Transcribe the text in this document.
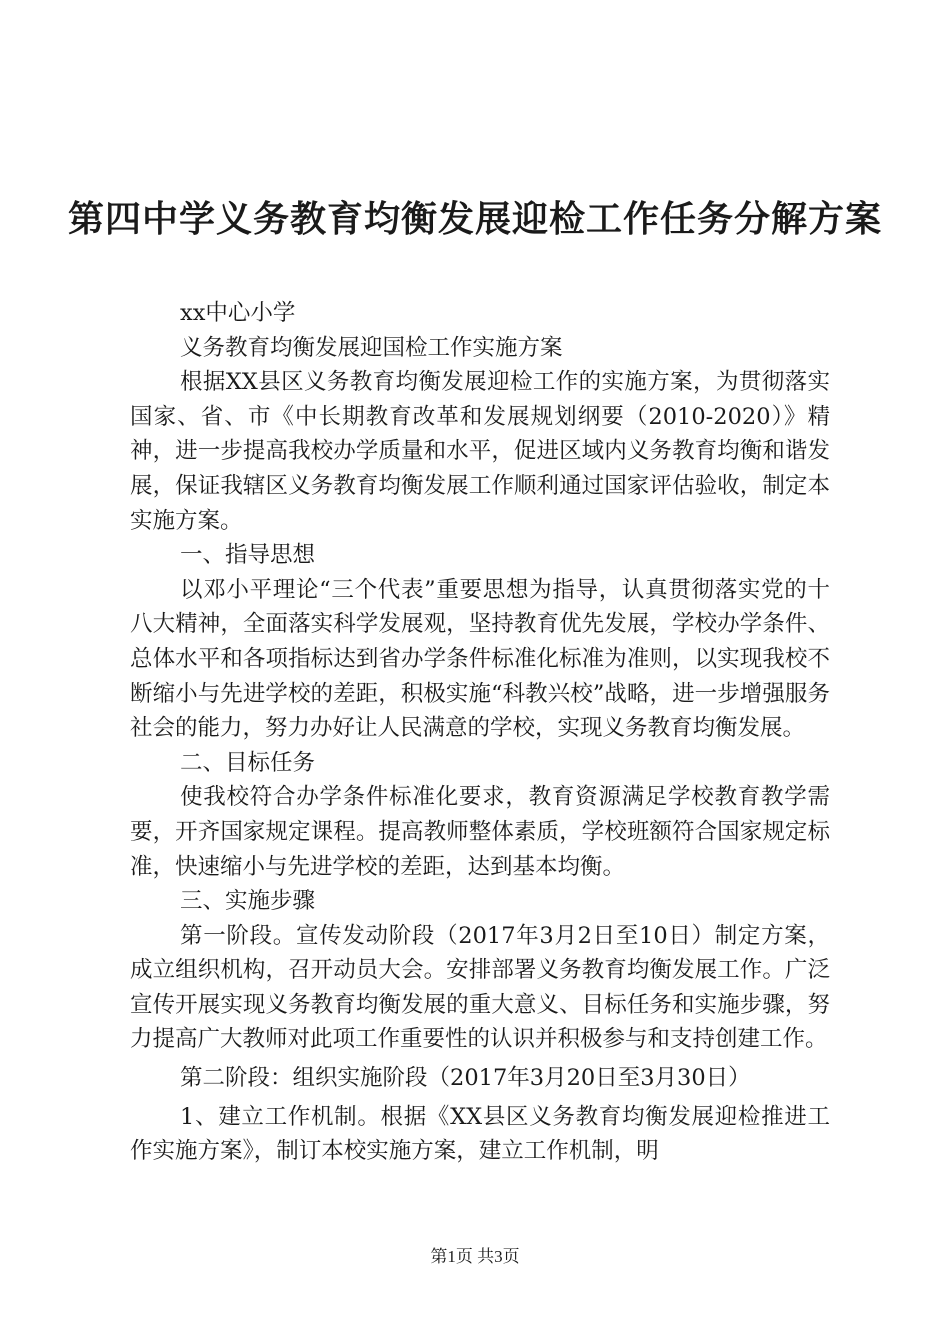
第四中学义务教育均衡发展迎检工作任务分解方案

xx中心小学

义务教育均衡发展迎国检工作实施方案

根据XX县区义务教育均衡发展迎检工作的实施方案，为贯彻落实国家、省、市《中长期教育改革和发展规划纲要（2010-2020）》精神，进一步提高我校办学质量和水平，促进区域内义务教育均衡和谐发展，保证我辖区义务教育均衡发展工作顺利通过国家评估验收，制定本实施方案。

一、指导思想

以邓小平理论“三个代表”重要思想为指导，认真贯彻落实党的十八大精神，全面落实科学发展观，坚持教育优先发展，学校办学条件、总体水平和各项指标达到省办学条件标准化标准为准则，以实现我校不断缩小与先进学校的差距，积极实施“科教兴校”战略，进一步增强服务社会的能力，努力办好让人民满意的学校，实现义务教育均衡发展。

二、目标任务

使我校符合办学条件标准化要求，教育资源满足学校教育教学需要，开齐国家规定课程。提高教师整体素质，学校班额符合国家规定标准，快速缩小与先进学校的差距，达到基本均衡。

三、实施步骤

第一阶段。宣传发动阶段（2017年3月2日至10日）制定方案，成立组织机构，召开动员大会。安排部署义务教育均衡发展工作。广泛宣传开展实现义务教育均衡发展的重大意义、目标任务和实施步骤，努力提高广大教师对此项工作重要性的认识并积极参与和支持创建工作。

第二阶段：组织实施阶段（2017年3月20日至3月30日）

1、建立工作机制。根据《XX县区义务教育均衡发展迎检推进工作实施方案》，制订本校实施方案，建立工作机制，明

第1页 共3页
